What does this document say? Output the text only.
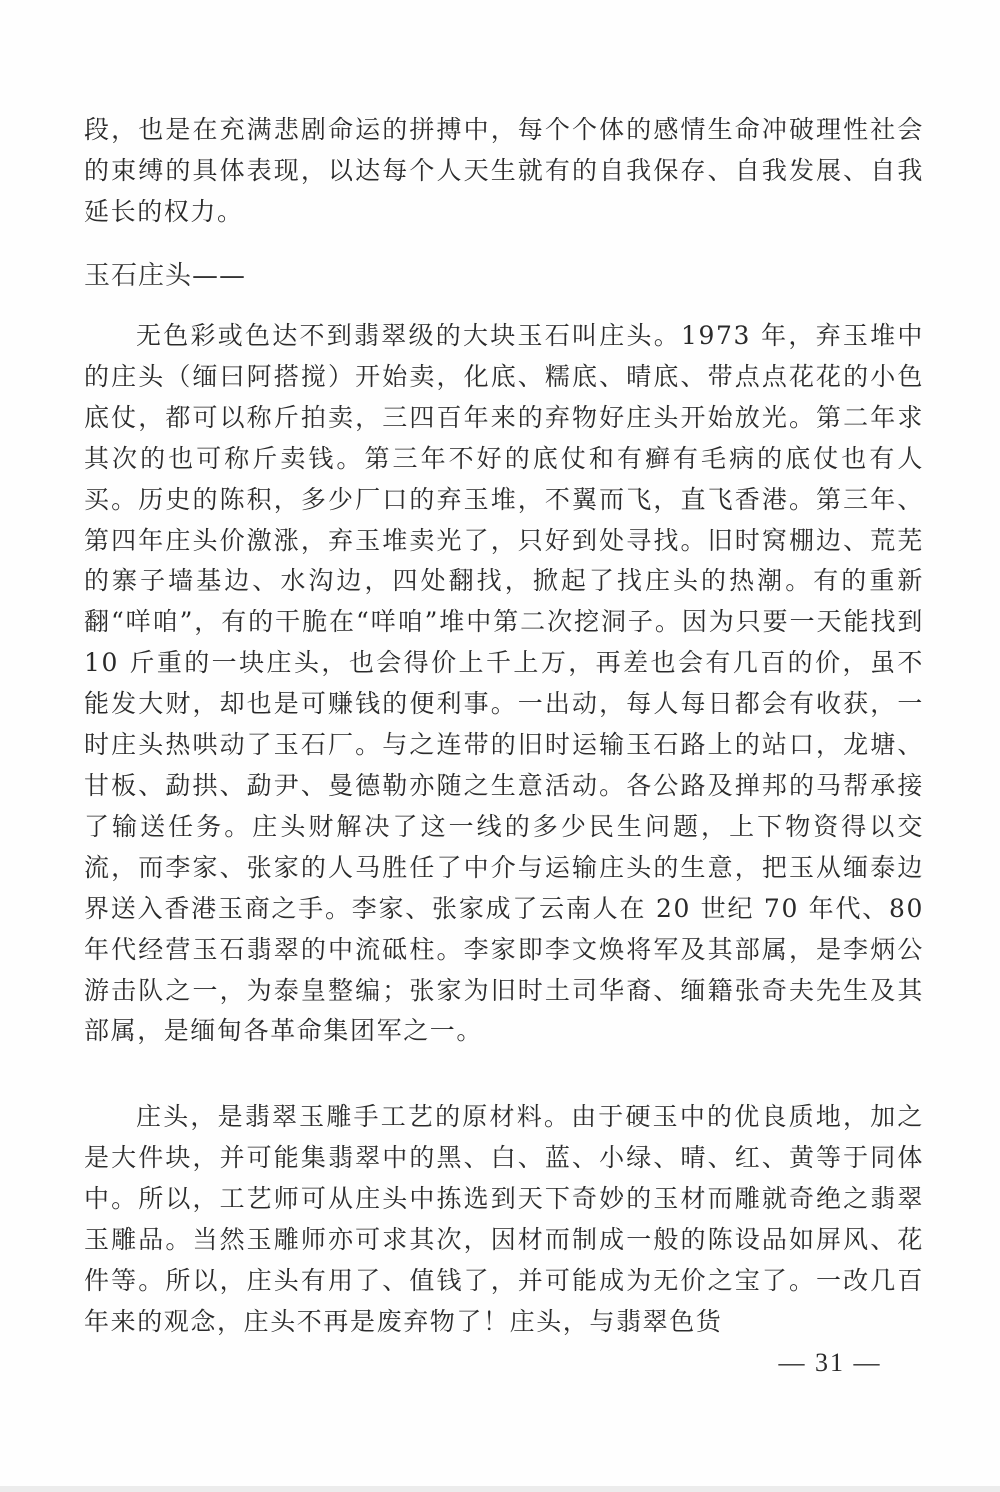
段，也是在充满悲剧命运的拼搏中，每个个体的感情生命冲破理性社会的束缚的具体表现，以达每个人天生就有的自我保存、自我发展、自我延长的权力。

玉石庄头——

无色彩或色达不到翡翠级的大块玉石叫庄头。1973 年，弃玉堆中的庄头（缅曰阿搭搅）开始卖，化底、糯底、晴底、带点点花花的小色底仗，都可以称斤拍卖，三四百年来的弃物好庄头开始放光。第二年求其次的也可称斤卖钱。第三年不好的底仗和有癣有毛病的底仗也有人买。历史的陈积，多少厂口的弃玉堆，不翼而飞，直飞香港。第三年、第四年庄头价激涨，弃玉堆卖光了，只好到处寻找。旧时窝棚边、荒芜的寨子墙基边、水沟边，四处翻找，掀起了找庄头的热潮。有的重新翻“咩咱”，有的干脆在“咩咱”堆中第二次挖洞子。因为只要一天能找到 10 斤重的一块庄头，也会得价上千上万，再差也会有几百的价，虽不能发大财，却也是可赚钱的便利事。一出动，每人每日都会有收获，一时庄头热哄动了玉石厂。与之连带的旧时运输玉石路上的站口，龙塘、甘板、勐拱、勐尹、曼德勒亦随之生意活动。各公路及掸邦的马帮承接了输送任务。庄头财解决了这一线的多少民生问题，上下物资得以交流，而李家、张家的人马胜任了中介与运输庄头的生意，把玉从缅泰边界送入香港玉商之手。李家、张家成了云南人在 20 世纪 70 年代、80 年代经营玉石翡翠的中流砥柱。李家即李文焕将军及其部属，是李炳公游击队之一，为泰皇整编；张家为旧时土司华裔、缅籍张奇夫先生及其部属，是缅甸各革命集团军之一。

庄头，是翡翠玉雕手工艺的原材料。由于硬玉中的优良质地，加之是大件块，并可能集翡翠中的黑、白、蓝、小绿、晴、红、黄等于同体中。所以，工艺师可从庄头中拣选到天下奇妙的玉材而雕就奇绝之翡翠玉雕品。当然玉雕师亦可求其次，因材而制成一般的陈设品如屏风、花件等。所以，庄头有用了、值钱了，并可能成为无价之宝了。一改几百年来的观念，庄头不再是废弃物了！庄头，与翡翠色货

— 31 —
